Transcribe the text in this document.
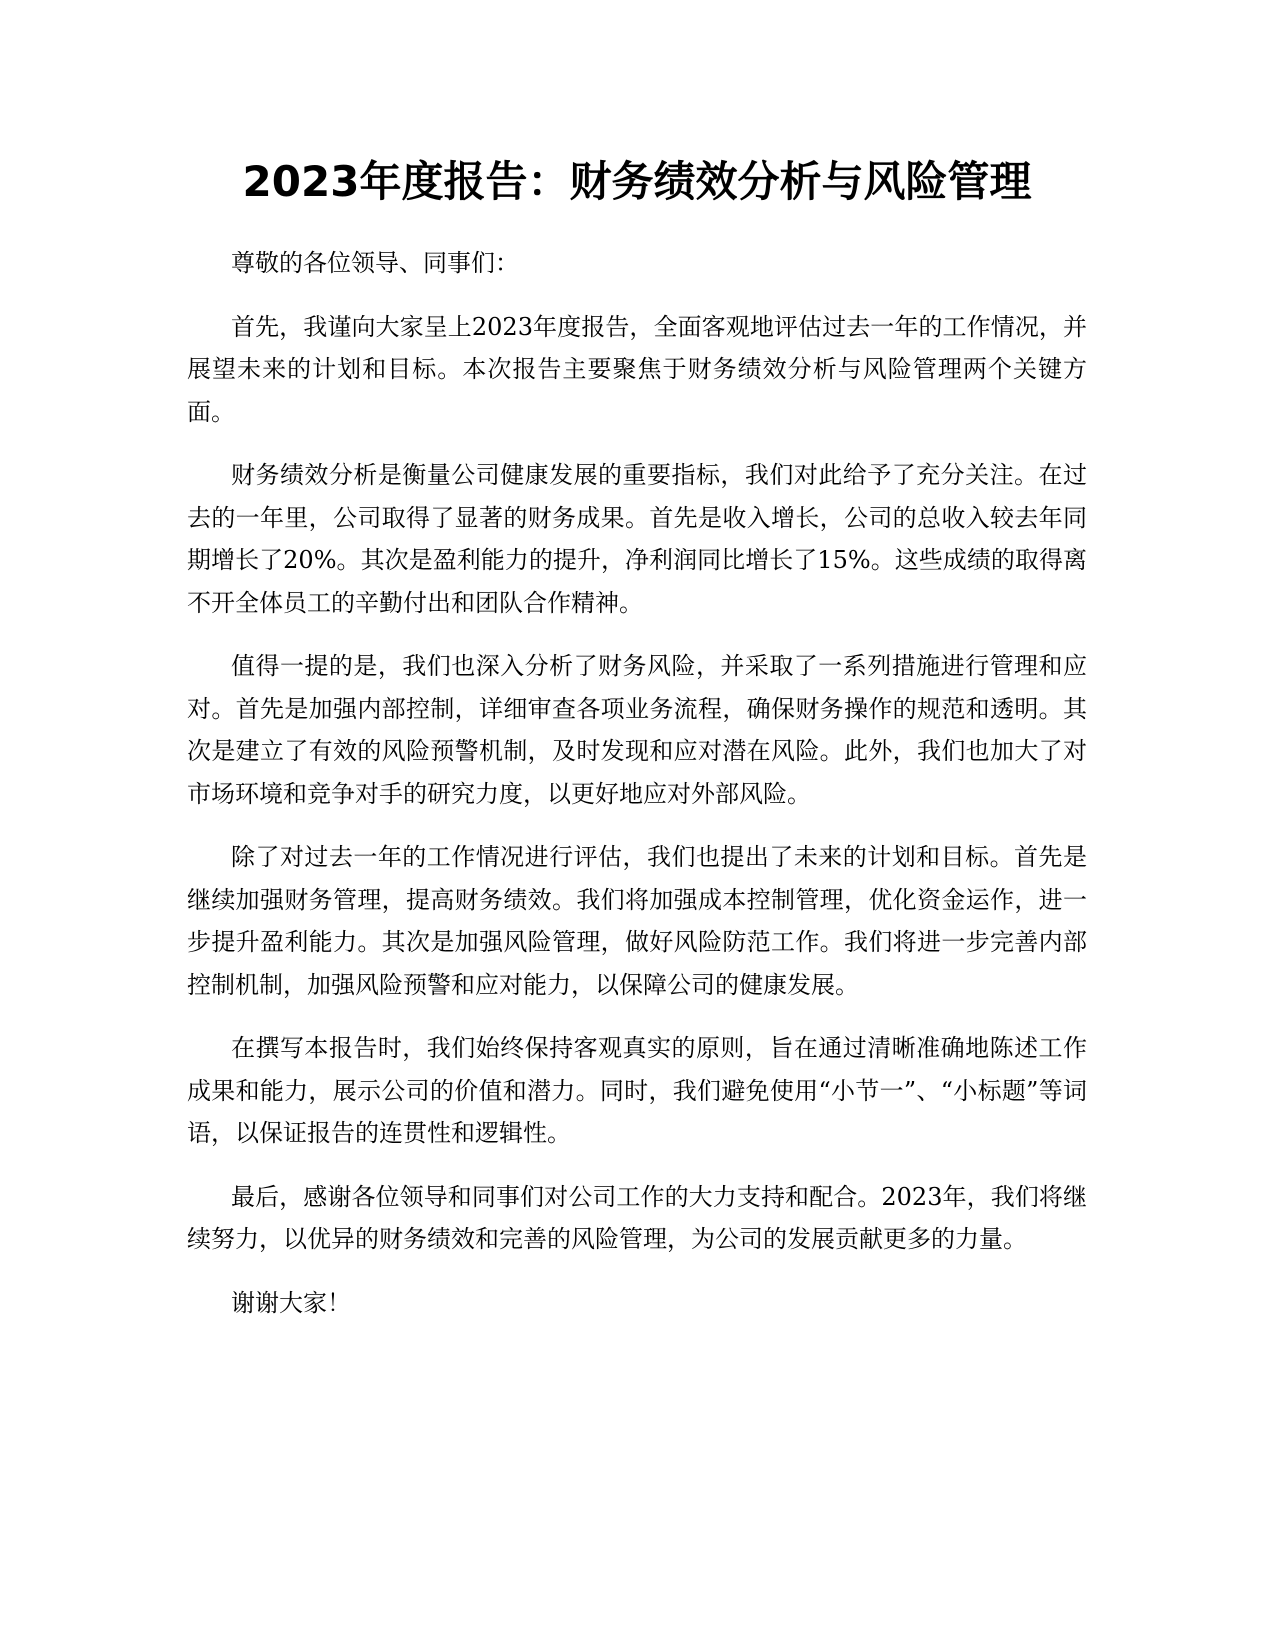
2023年度报告：财务绩效分析与风险管理

尊敬的各位领导、同事们：

首先，我谨向大家呈上2023年度报告，全面客观地评估过去一年的工作情况，并展望未来的计划和目标。本次报告主要聚焦于财务绩效分析与风险管理两个关键方面。

财务绩效分析是衡量公司健康发展的重要指标，我们对此给予了充分关注。在过去的一年里，公司取得了显著的财务成果。首先是收入增长，公司的总收入较去年同期增长了20%。其次是盈利能力的提升，净利润同比增长了15%。这些成绩的取得离不开全体员工的辛勤付出和团队合作精神。

值得一提的是，我们也深入分析了财务风险，并采取了一系列措施进行管理和应对。首先是加强内部控制，详细审查各项业务流程，确保财务操作的规范和透明。其次是建立了有效的风险预警机制，及时发现和应对潜在风险。此外，我们也加大了对市场环境和竞争对手的研究力度，以更好地应对外部风险。

除了对过去一年的工作情况进行评估，我们也提出了未来的计划和目标。首先是继续加强财务管理，提高财务绩效。我们将加强成本控制管理，优化资金运作，进一步提升盈利能力。其次是加强风险管理，做好风险防范工作。我们将进一步完善内部控制机制，加强风险预警和应对能力，以保障公司的健康发展。

在撰写本报告时，我们始终保持客观真实的原则，旨在通过清晰准确地陈述工作成果和能力，展示公司的价值和潜力。同时，我们避免使用“小节一”、“小标题”等词语，以保证报告的连贯性和逻辑性。

最后，感谢各位领导和同事们对公司工作的大力支持和配合。2023年，我们将继续努力，以优异的财务绩效和完善的风险管理，为公司的发展贡献更多的力量。

谢谢大家！
